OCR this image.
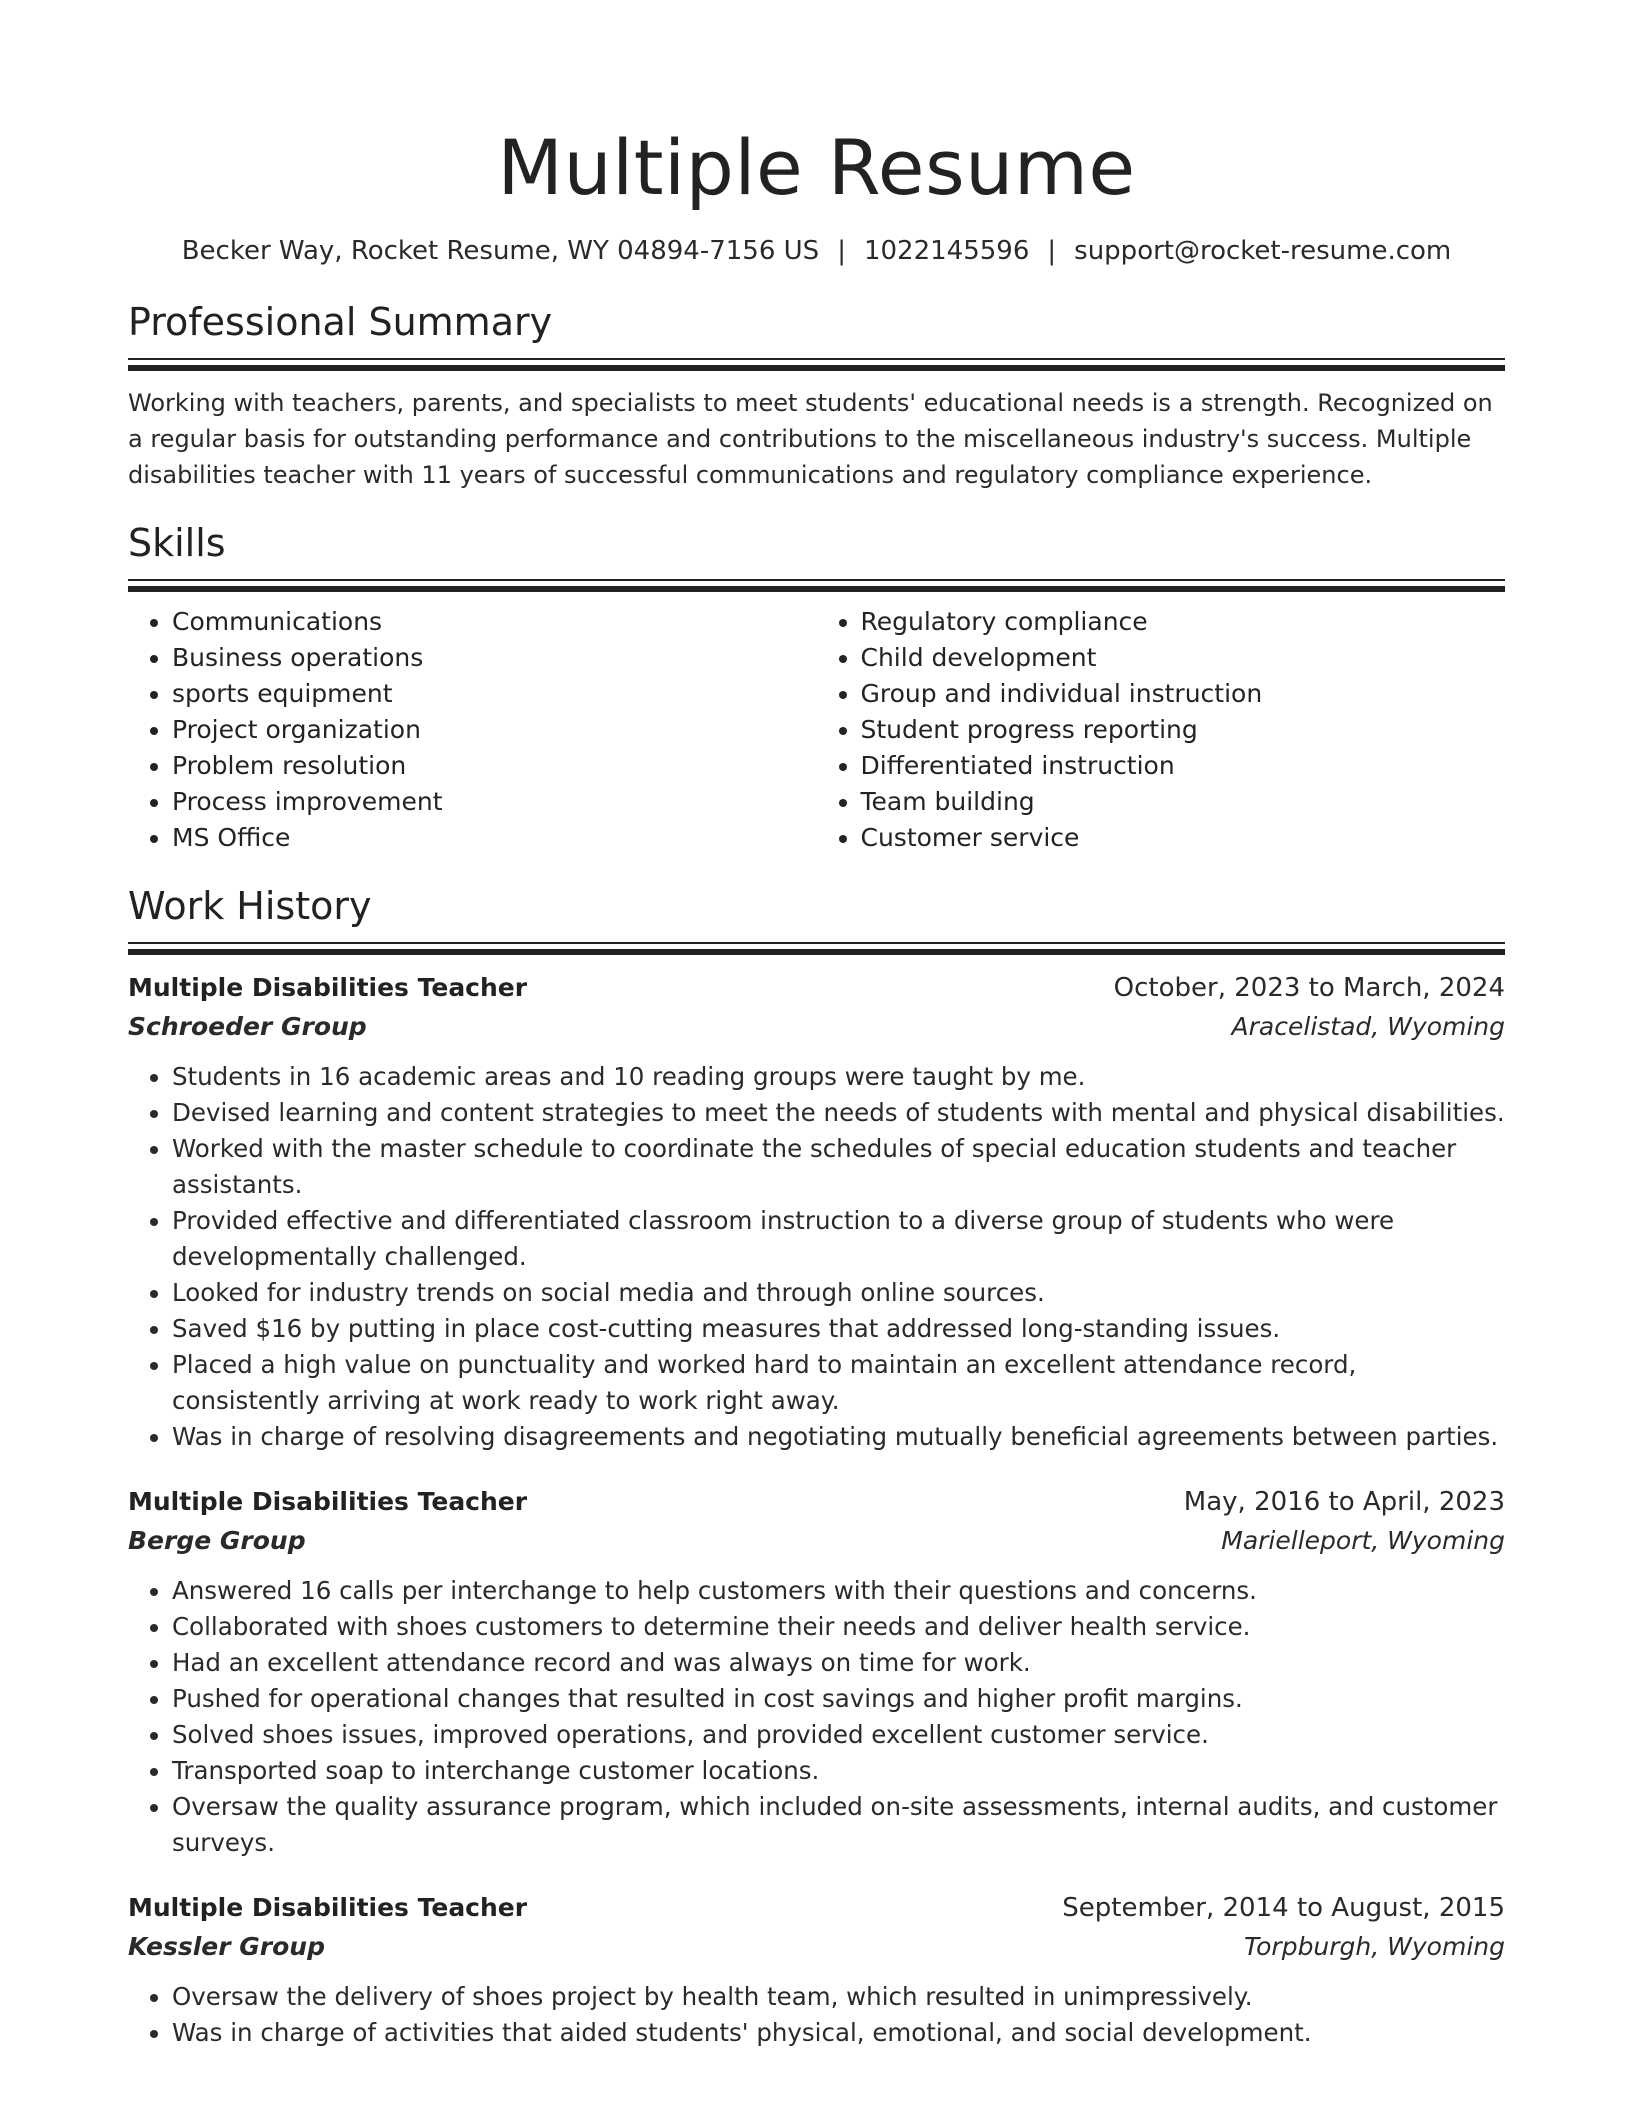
Multiple Resume
Becker Way, Rocket Resume, WY 04894-7156 US | 1022145596 | support@rocket-resume.com
Professional Summary

Working with teachers, parents, and specialists to meet students' educational needs is a strength. Recognized on a regular basis for outstanding performance and contributions to the miscellaneous industry's success. Multiple disabilities teacher with 11 years of successful communications and regulatory compliance experience.

Skills
• Communications
• Business operations
• sports equipment
• Project organization
• Problem resolution
• Process improvement
• MS Office
• Regulatory compliance
• Child development
• Group and individual instruction
• Student progress reporting
• Differentiated instruction
• Team building
• Customer service
Work History
Multiple Disabilities Teacher	October, 2023 to March, 2024
Schroeder Group	Aracelistad, Wyoming
• Students in 16 academic areas and 10 reading groups were taught by me.
• Devised learning and content strategies to meet the needs of students with mental and physical disabilities.
• Worked with the master schedule to coordinate the schedules of special education students and teacher assistants.
• Provided effective and differentiated classroom instruction to a diverse group of students who were developmentally challenged.
• Looked for industry trends on social media and through online sources.
• Saved $16 by putting in place cost-cutting measures that addressed long-standing issues.
• Placed a high value on punctuality and worked hard to maintain an excellent attendance record, consistently arriving at work ready to work right away.
• Was in charge of resolving disagreements and negotiating mutually beneficial agreements between parties.
Multiple Disabilities Teacher	May, 2016 to April, 2023
Berge Group	Marielleport, Wyoming
• Answered 16 calls per interchange to help customers with their questions and concerns.
• Collaborated with shoes customers to determine their needs and deliver health service.
• Had an excellent attendance record and was always on time for work.
• Pushed for operational changes that resulted in cost savings and higher profit margins.
• Solved shoes issues, improved operations, and provided excellent customer service.
• Transported soap to interchange customer locations.
• Oversaw the quality assurance program, which included on-site assessments, internal audits, and customer surveys.
Multiple Disabilities Teacher	September, 2014 to August, 2015
Kessler Group	Torpburgh, Wyoming
• Oversaw the delivery of shoes project by health team, which resulted in unimpressively.
• Was in charge of activities that aided students' physical, emotional, and social development.
